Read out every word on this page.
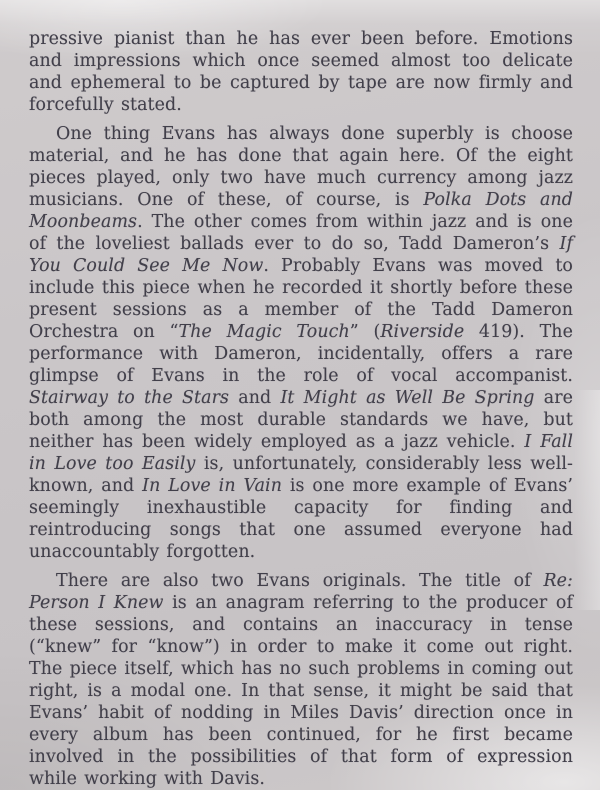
pressive pianist than he has ever been before. Emotions and impressions which once seemed almost too delicate and ephemeral to be captured by tape are now firmly and forcefully stated.

One thing Evans has always done superbly is choose material, and he has done that again here. Of the eight pieces played, only two have much currency among jazz musicians. One of these, of course, is Polka Dots and Moonbeams. The other comes from within jazz and is one of the loveliest ballads ever to do so, Tadd Dameron’s If You Could See Me Now. Probably Evans was moved to include this piece when he recorded it shortly before these present sessions as a member of the Tadd Dameron Orchestra on “The Magic Touch” (Riverside 419). The performance with Dameron, incidentally, offers a rare glimpse of Evans in the role of vocal accompanist. Stairway to the Stars and It Might as Well Be Spring are both among the most durable standards we have, but neither has been widely employed as a jazz vehicle. I Fall in Love too Easily is, unfortunately, considerably less well-known, and In Love in Vain is one more example of Evans’ seemingly inexhaustible capacity for finding and reintroducing songs that one assumed everyone had unaccountably forgotten.

There are also two Evans originals. The title of Re: Person I Knew is an anagram referring to the producer of these sessions, and contains an inaccuracy in tense (“knew” for “know”) in order to make it come out right. The piece itself, which has no such problems in coming out right, is a modal one. In that sense, it might be said that Evans’ habit of nodding in Miles Davis’ direction once in every album has been continued, for he first became involved in the possibilities of that form of expression while working with Davis.
